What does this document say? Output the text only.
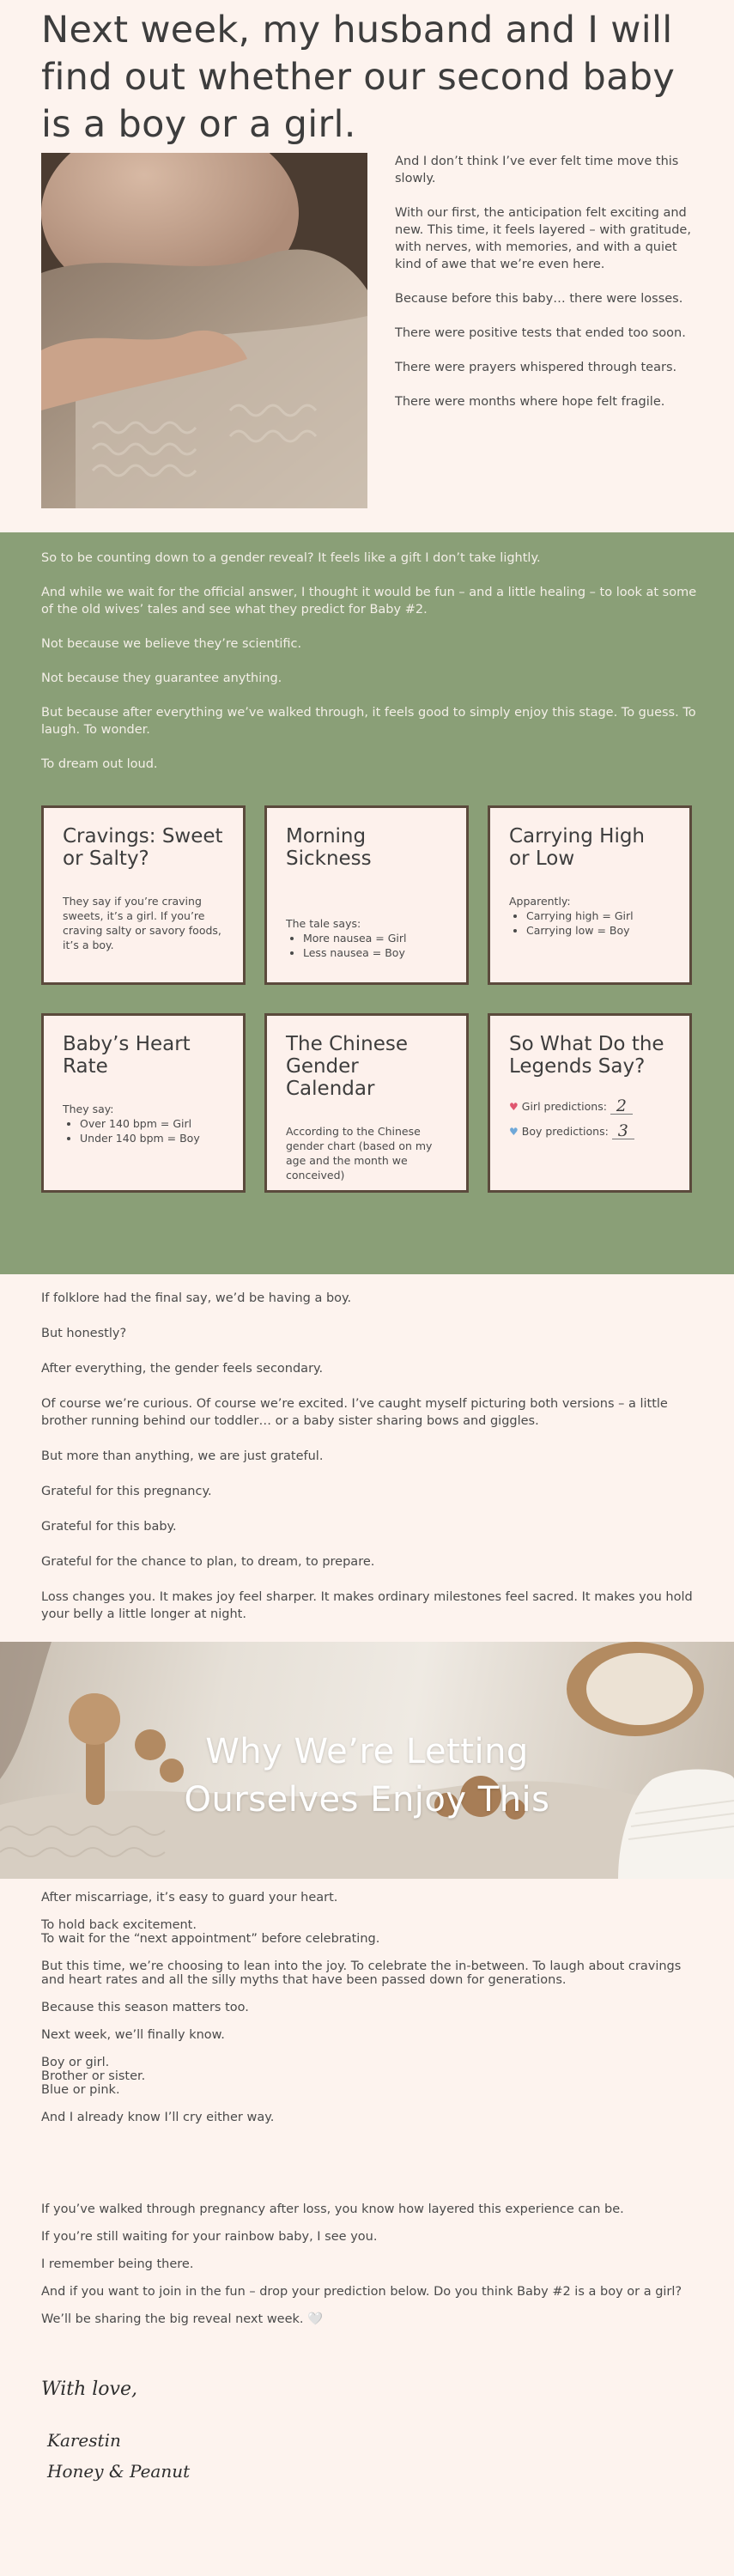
Next week, my husband and I will find out whether our second baby is a boy or a girl.

And I don’t think I’ve ever felt time move this slowly.

With our first, the anticipation felt exciting and new. This time, it feels layered – with gratitude, with nerves, with memories, and with a quiet kind of awe that we’re even here.

Because before this baby… there were losses.

There were positive tests that ended too soon.

There were prayers whispered through tears.

There were months where hope felt fragile.

So to be counting down to a gender reveal? It feels like a gift I don’t take lightly.

And while we wait for the official answer, I thought it would be fun – and a little healing – to look at some of the old wives’ tales and see what they predict for Baby #2.

Not because we believe they’re scientific.

Not because they guarantee anything.

But because after everything we’ve walked through, it feels good to simply enjoy this stage. To guess. To laugh. To wonder.

To dream out loud.

Cravings: Sweet or Salty?

They say if you’re craving sweets, it’s a girl. If you’re craving salty or savory foods, it’s a boy.

Morning Sickness

The tale says:

• More nausea = Girl
• Less nausea = Boy
Carrying High or Low

Apparently:

• Carrying high = Girl
• Carrying low = Boy
Baby’s Heart Rate

They say:

• Over 140 bpm = Girl
• Under 140 bpm = Boy
The Chinese Gender Calendar

According to the Chinese gender chart (based on my age and the month we conceived)

So What Do the Legends Say?
♥ Girl predictions: 2
♥ Boy predictions: 3

If folklore had the final say, we’d be having a boy.

But honestly?

After everything, the gender feels secondary.

Of course we’re curious. Of course we’re excited. I’ve caught myself picturing both versions – a little brother running behind our toddler… or a baby sister sharing bows and giggles.

But more than anything, we are just grateful.

Grateful for this pregnancy.

Grateful for this baby.

Grateful for the chance to plan, to dream, to prepare.

Loss changes you. It makes joy feel sharper. It makes ordinary milestones feel sacred. It makes you hold your belly a little longer at night.

Why We’re Letting
Ourselves Enjoy This

After miscarriage, it’s easy to guard your heart.

To hold back excitement.
To wait for the “next appointment” before celebrating.

But this time, we’re choosing to lean into the joy. To celebrate the in-between. To laugh about cravings and heart rates and all the silly myths that have been passed down for generations.

Because this season matters too.

Next week, we’ll finally know.

Boy or girl.
Brother or sister.
Blue or pink.

And I already know I’ll cry either way.

If you’ve walked through pregnancy after loss, you know how layered this experience can be.

If you’re still waiting for your rainbow baby, I see you.

I remember being there.

And if you want to join in the fun – drop your prediction below. Do you think Baby #2 is a boy or a girl?

We’ll be sharing the big reveal next week. 🤍

With love,
Karestin
Honey & Peanut
